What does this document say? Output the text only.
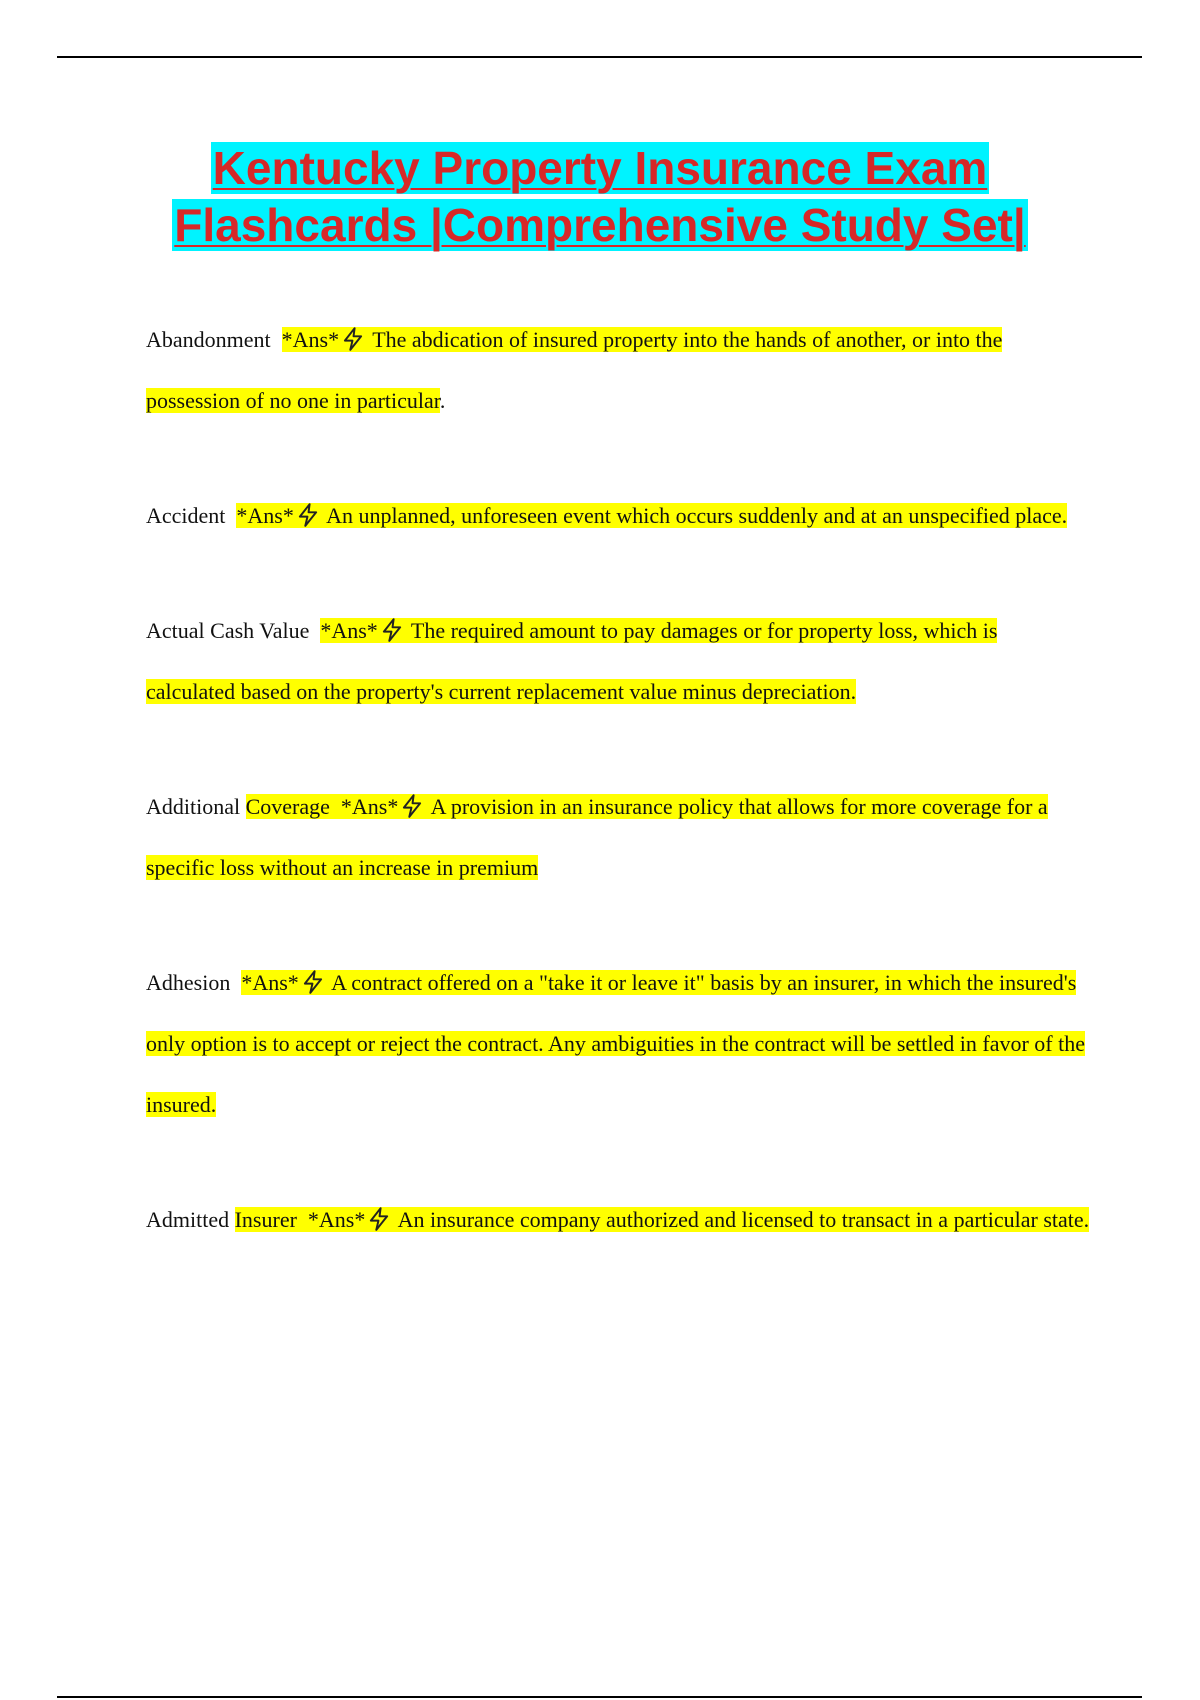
Kentucky Property Insurance Exam
Flashcards |Comprehensive Study Set|

Abandonment *Ans*
The abdication of insured property into the hands of another, or into the possession of no one in particular.

Accident *Ans*
An unplanned, unforeseen event which occurs suddenly and at an unspecified place.

Actual Cash Value *Ans*
The required amount to pay damages or for property loss, which is calculated based on the property's current replacement value minus depreciation.

Additional Coverage *Ans*
A provision in an insurance policy that allows for more coverage for a specific loss without an increase in premium

Adhesion *Ans*
A contract offered on a "take it or leave it" basis by an insurer, in which the insured's only option is to accept or reject the contract. Any ambiguities in the contract will be settled in favor of the insured.

Admitted Insurer *Ans*
An insurance company authorized and licensed to transact in a particular state.
